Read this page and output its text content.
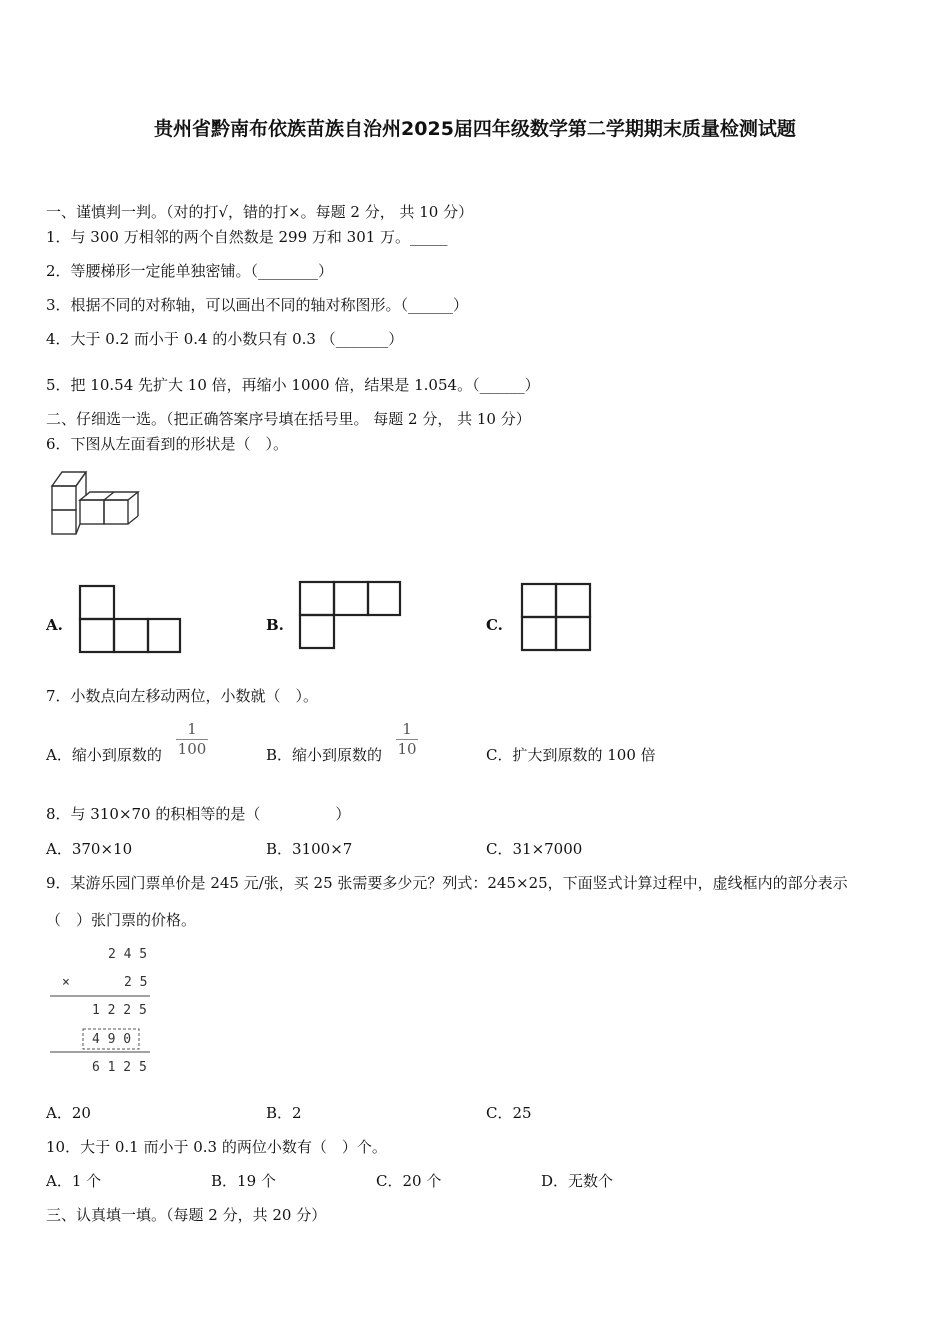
贵州省黔南布依族苗族自治州2025届四年级数学第二学期期末质量检测试题
一、谨慎判一判。（对的打√，错的打×。每题 2 分， 共 10 分）
1．与 300 万相邻的两个自然数是 299 万和 301 万。_____
2．等腰梯形一定能单独密铺。（________）
3．根据不同的对称轴，可以画出不同的轴对称图形。（______）
4．大于 0.2 而小于 0.4 的小数只有 0.3 （_______）
5．把 10.54 先扩大 10 倍，再缩小 1000 倍，结果是 1.054。（______）
二、仔细选一选。（把正确答案序号填在括号里。 每题 2 分， 共 10 分）
6．下图从左面看到的形状是（　）。
A.	B.	C.
7．小数点向左移动两位，小数就（　）。
A．缩小到原数的
1
100	B．缩小到原数的
1
10	C．扩大到原数的 100 倍
8．与 310×70 的积相等的是（　　　　　）
A．370×10	B．3100×7	C．31×7000
9．某游乐园门票单价是 245 元/张，买 25 张需要多少元？列式：245×25，下面竖式计算过程中，虚线框内的部分表示
（　）张门票的价格。
2 4 5
×	2 5
1 2 2 5
4 9 0
6 1 2 5
A．20	B．2	C．25
10．大于 0.1 而小于 0.3 的两位小数有（　）个。
A．1 个	B．19 个	C．20 个	D．无数个
三、认真填一填。（每题 2 分，共 20 分）
